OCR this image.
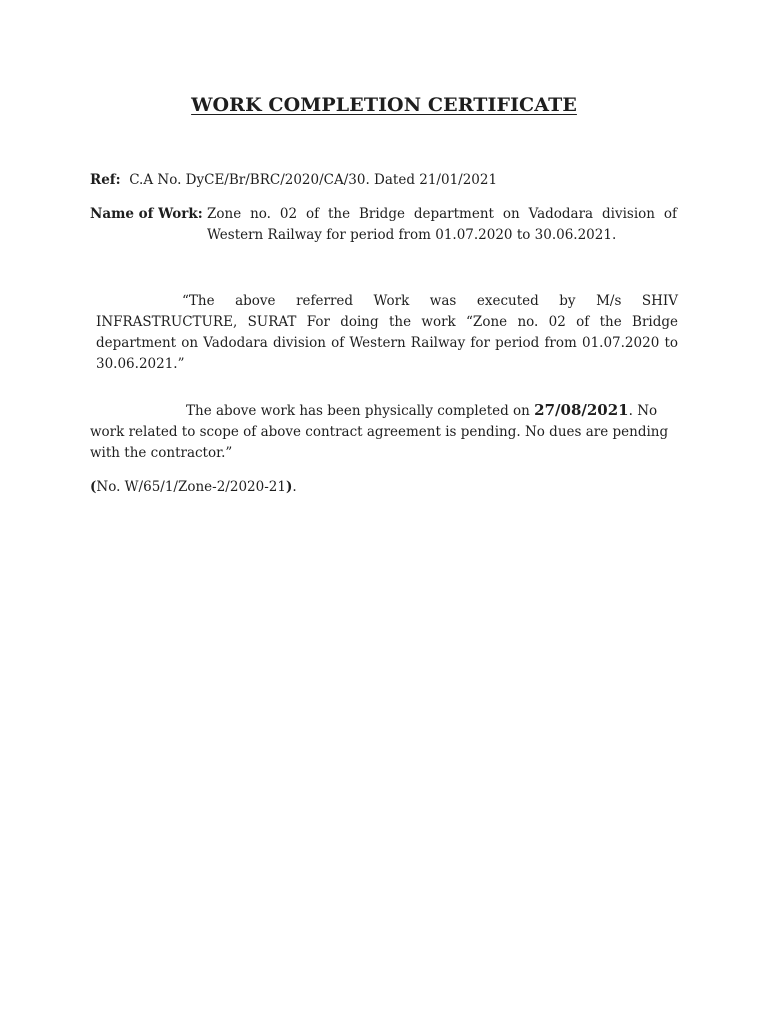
WORK COMPLETION CERTIFICATE
Ref: C.A No. DyCE/Br/BRC/2020/CA/30. Dated 21/01/2021
Name of Work: Zone no. 02 of the Bridge department on Vadodara division of Western Railway for period from 01.07.2020 to 30.06.2021.
“The above referred Work was executed by M/s SHIV INFRASTRUCTURE, SURAT For doing the work “Zone no. 02 of the Bridge department on Vadodara division of Western Railway for period from 01.07.2020 to 30.06.2021.”
The above work has been physically completed on 27/08/2021. No work related to scope of above contract agreement is pending. No dues are pending with the contractor.”
(No. W/65/1/Zone-2/2020-21).
